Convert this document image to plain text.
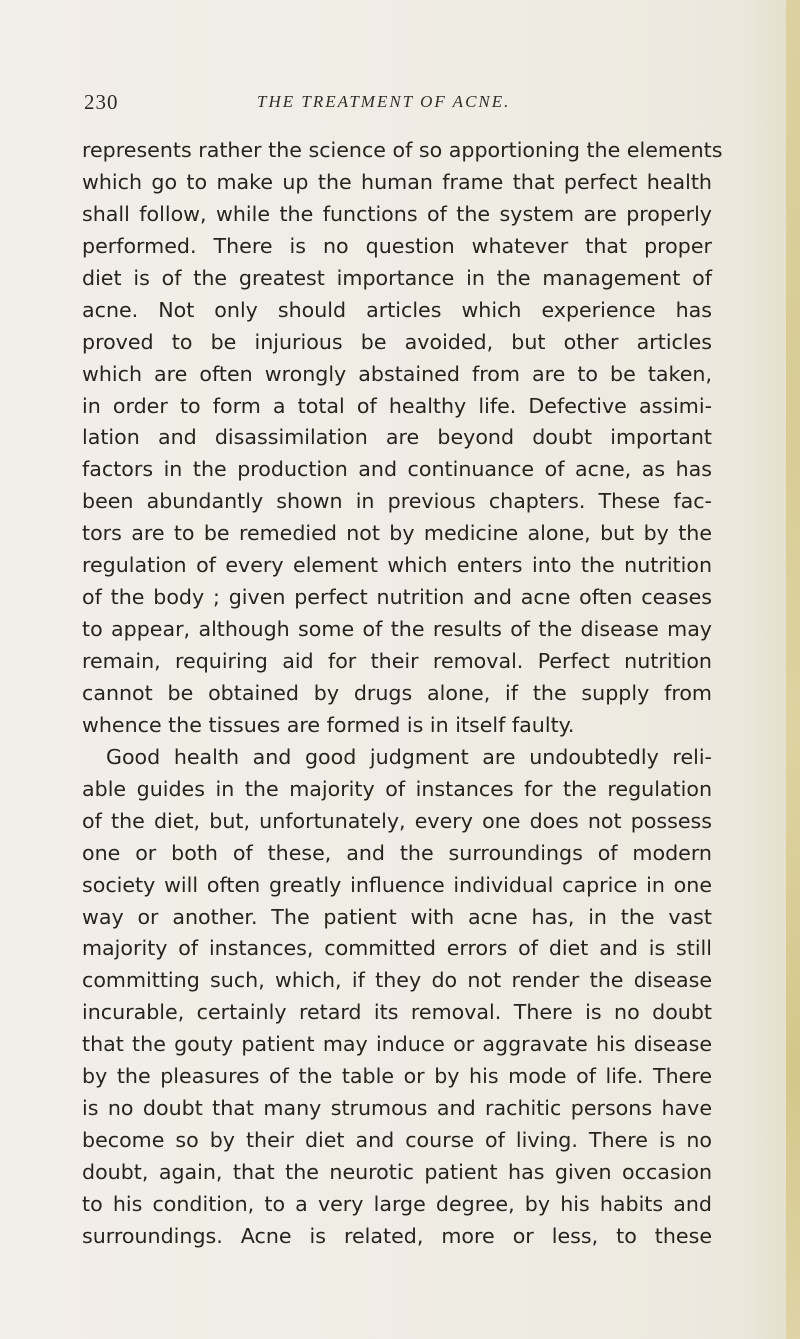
230	THE TREATMENT OF ACNE.
represents rather the science of so apportioning the elements
which go to make up the human frame that perfect health
shall follow, while the functions of the system are properly
performed. There is no question whatever that proper
diet is of the greatest importance in the management of
acne. Not only should articles which experience has
proved to be injurious be avoided, but other articles
which are often wrongly abstained from are to be taken,
in order to form a total of healthy life. Defective assimi-
lation and disassimilation are beyond doubt important
factors in the production and continuance of acne, as has
been abundantly shown in previous chapters. These fac-
tors are to be remedied not by medicine alone, but by the
regulation of every element which enters into the nutrition
of the body ; given perfect nutrition and acne often ceases
to appear, although some of the results of the disease may
remain, requiring aid for their removal. Perfect nutrition
cannot be obtained by drugs alone, if the supply from
whence the tissues are formed is in itself faulty.
Good health and good judgment are undoubtedly reli-
able guides in the majority of instances for the regulation
of the diet, but, unfortunately, every one does not possess
one or both of these, and the surroundings of modern
society will often greatly influence individual caprice in one
way or another. The patient with acne has, in the vast
majority of instances, committed errors of diet and is still
committing such, which, if they do not render the disease
incurable, certainly retard its removal. There is no doubt
that the gouty patient may induce or aggravate his disease
by the pleasures of the table or by his mode of life. There
is no doubt that many strumous and rachitic persons have
become so by their diet and course of living. There is no
doubt, again, that the neurotic patient has given occasion
to his condition, to a very large degree, by his habits and
surroundings. Acne is related, more or less, to these
